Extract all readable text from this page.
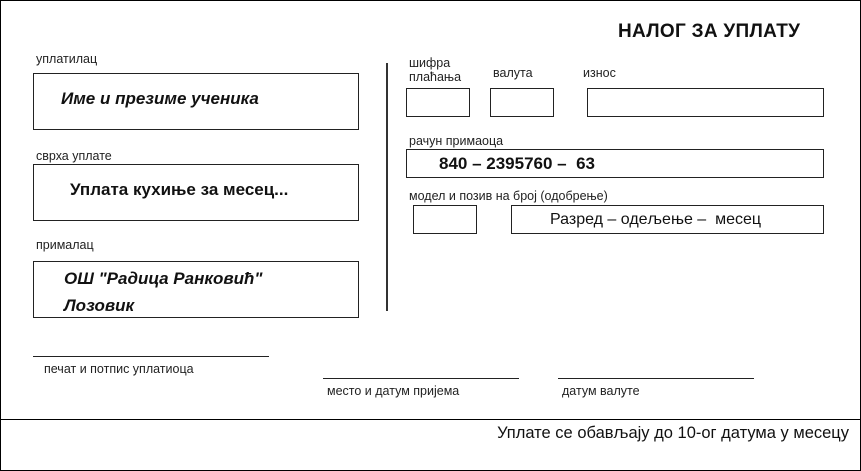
НАЛОГ ЗА УПЛАТУ
уплатилац
Име и презиме ученика
сврха уплате
Уплата кухиње за месец...
прималац
ОШ "Радица Ранковић"
Лозовик
шифра
плаћања	валута	износ
рачун примаоца
840 – 2395760 –  63
модел и позив на број (одобрење)
Разред – одељење –  месец
печат и потпис уплатиоца
место и датум пријема	датум валуте
Уплате се обављају до 10-ог датума у месецу
